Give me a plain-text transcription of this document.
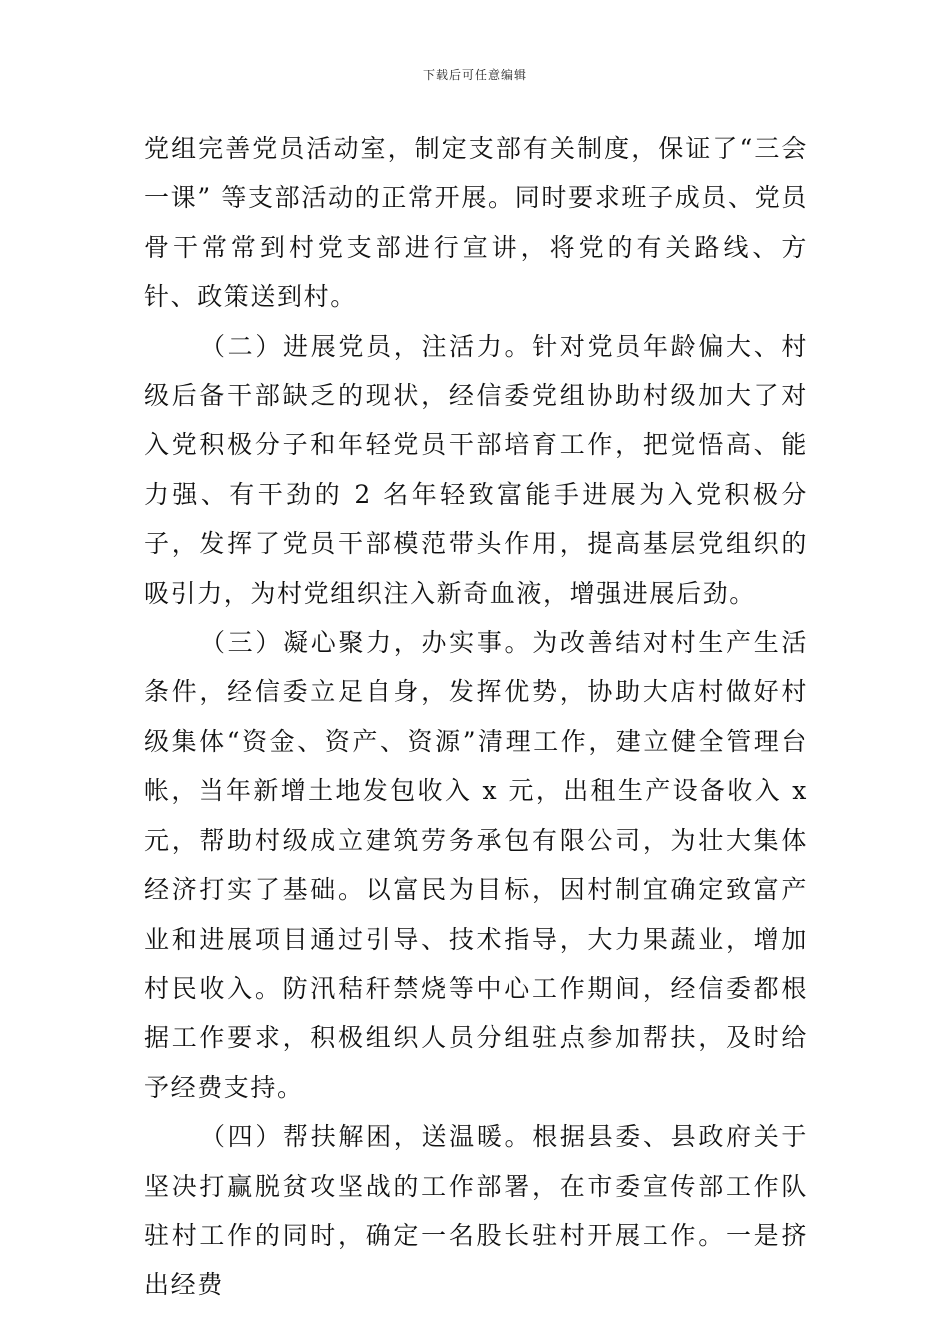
下载后可任意编辑

党组完善党员活动室，制定支部有关制度，保证了“三会一课” 等支部活动的正常开展。同时要求班子成员、党员骨干常常到村党支部进行宣讲，将党的有关路线、方针、政策送到村。

（二）进展党员，注活力。针对党员年龄偏大、村级后备干部缺乏的现状，经信委党组协助村级加大了对入党积极分子和年轻党员干部培育工作，把觉悟高、能力强、有干劲的 2 名年轻致富能手进展为入党积极分子，发挥了党员干部模范带头作用，提高基层党组织的吸引力，为村党组织注入新奇血液，增强进展后劲。

（三）凝心聚力，办实事。为改善结对村生产生活条件，经信委立足自身，发挥优势，协助大店村做好村级集体“资金、资产、资源”清理工作，建立健全管理台帐，当年新增土地发包收入 x 元，出租生产设备收入 x 元，帮助村级成立建筑劳务承包有限公司，为壮大集体经济打实了基础。以富民为目标，因村制宜确定致富产业和进展项目通过引导、技术指导，大力果蔬业，增加村民收入。防汛秸秆禁烧等中心工作期间，经信委都根据工作要求，积极组织人员分组驻点参加帮扶，及时给予经费支持。

（四）帮扶解困，送温暖。根据县委、县政府关于坚决打赢脱贫攻坚战的工作部署，在市委宣传部工作队驻村工作的同时，确定一名股长驻村开展工作。一是挤出经费
